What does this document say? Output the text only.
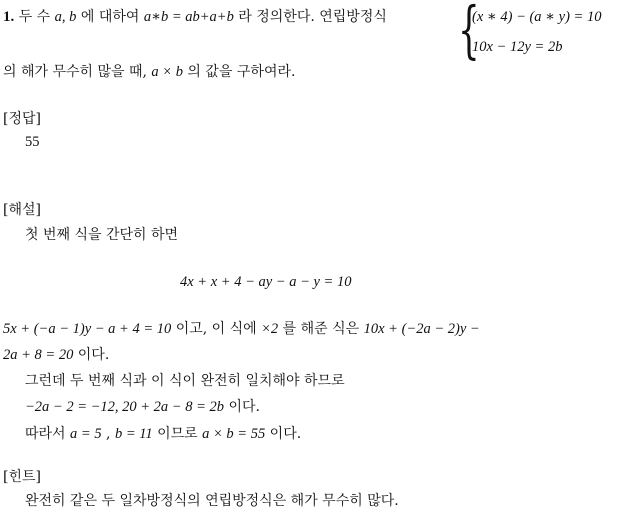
1. 두 수 a, b 에 대하여 a∗b = ab+a+b 라 정의한다. 연립방정식 {
(x ∗ 4) − (a ∗ y) = 10
10x − 12y = 2b
의 해가 무수히 많을 때, a × b 의 값을 구하여라.
[정답]
55
[해설]
첫 번째 식을 간단히 하면
4x + x + 4 − ay − a − y = 10
5x + (−a − 1)y − a + 4 = 10 이고, 이 식에 ×2 를 해준 식은 10x + (−2a − 2)y −
2a + 8 = 20 이다.
그런데 두 번째 식과 이 식이 완전히 일치해야 하므로
−2a − 2 = −12, 20 + 2a − 8 = 2b 이다.
따라서 a = 5 , b = 11 이므로 a × b = 55 이다.
[힌트]
완전히 같은 두 일차방정식의 연립방정식은 해가 무수히 많다.
